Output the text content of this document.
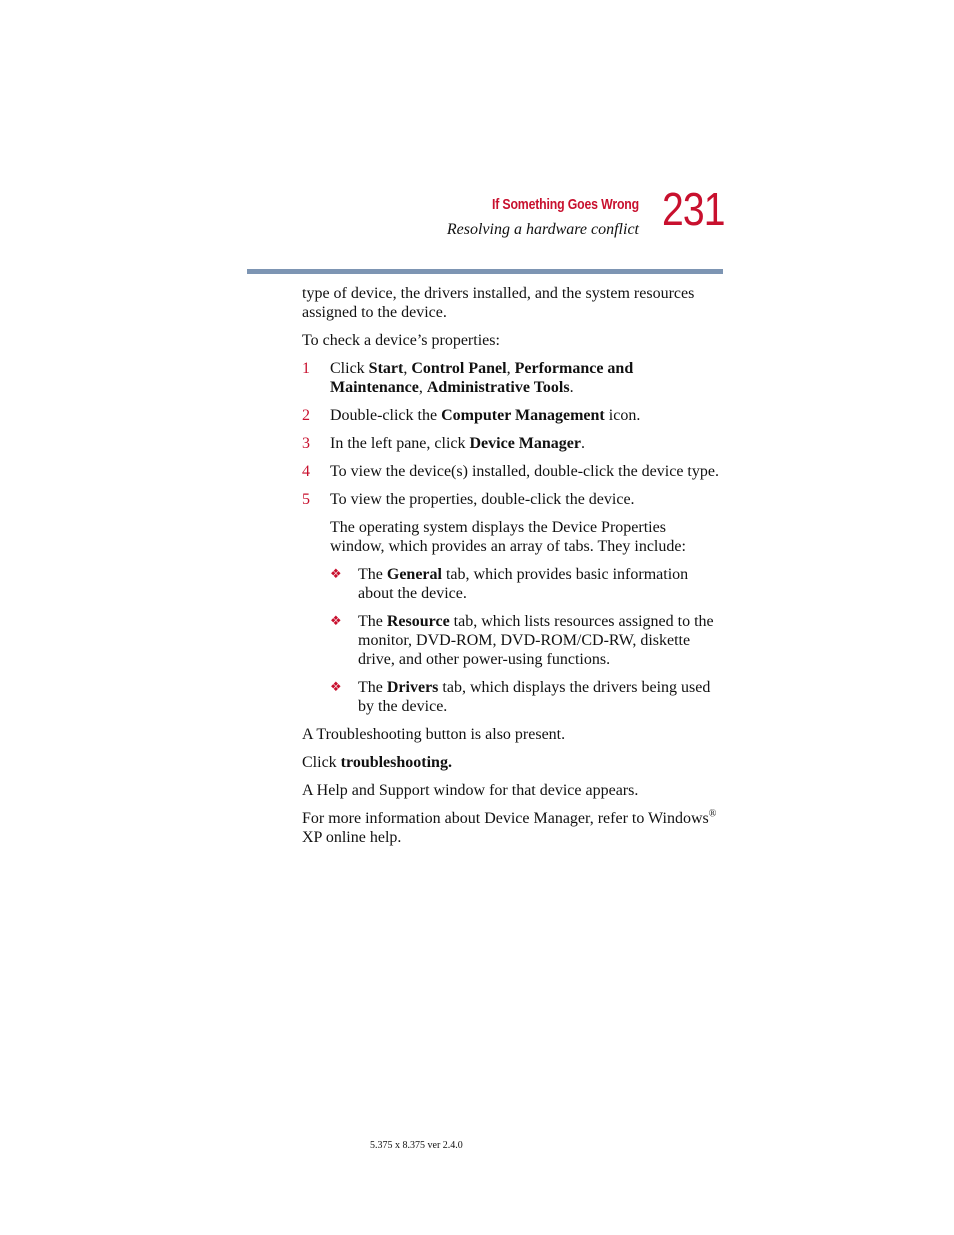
If Something Goes Wrong
Resolving a hardware conflict 231

type of device, the drivers installed, and the system resources assigned to the device.

To check a device’s properties:

1 Click Start, Control Panel, Performance and Maintenance, Administrative Tools.
2 Double-click the Computer Management icon.
3 In the left pane, click Device Manager.
4 To view the device(s) installed, double-click the device type.
5 To view the properties, double-click the device.

The operating system displays the Device Properties window, which provides an array of tabs. They include:

❖ The General tab, which provides basic information about the device.
❖ The Resource tab, which lists resources assigned to the monitor, DVD-ROM, DVD-ROM/CD-RW, diskette drive, and other power-using functions.
❖ The Drivers tab, which displays the drivers being used by the device.

A Troubleshooting button is also present.

Click troubleshooting.

A Help and Support window for that device appears.

For more information about Device Manager, refer to Windows® XP online help.

5.375 x 8.375 ver 2.4.0
